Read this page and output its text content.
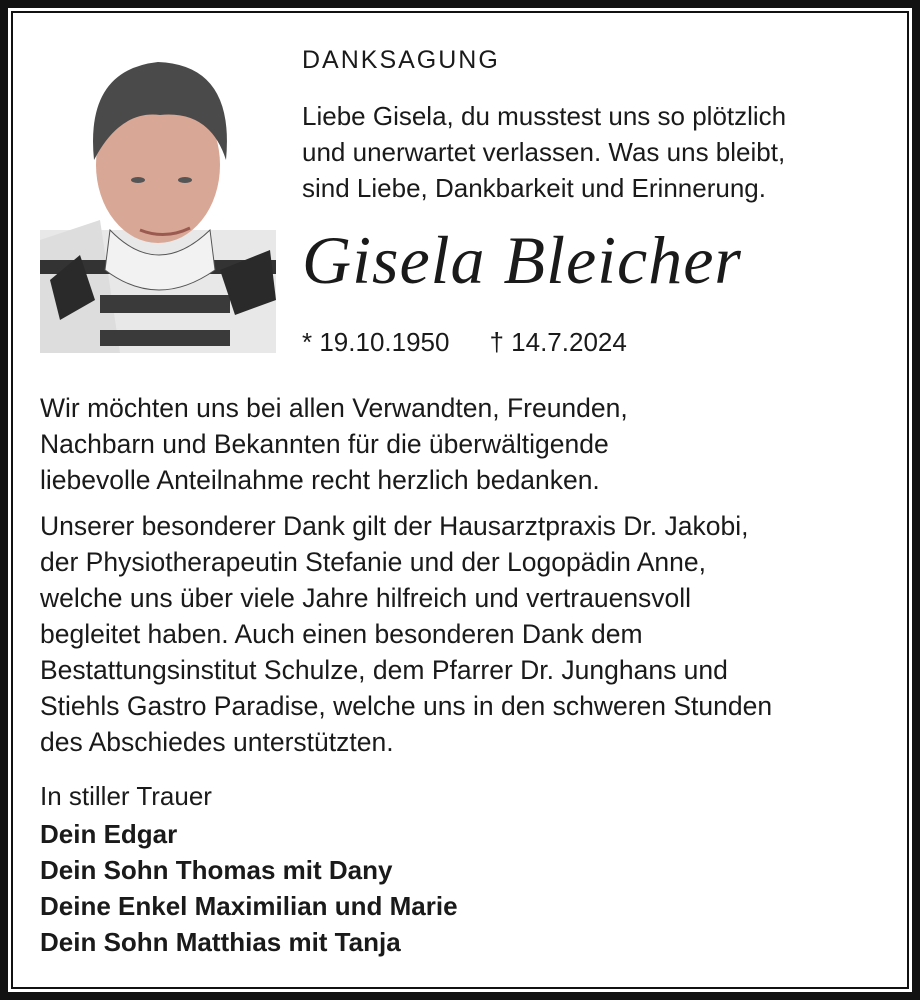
DANKSAGUNG
Liebe Gisela, du musstest uns so plötzlich
und unerwartet verlassen. Was uns bleibt,
sind Liebe, Dankbarkeit und Erinnerung.
Gisela Bleicher
* 19.10.1950 † 14.7.2024
Wir möchten uns bei allen Verwandten, Freunden,
Nachbarn und Bekannten für die überwältigende
liebevolle Anteilnahme recht herzlich bedanken.
Unserer besonderer Dank gilt der Hausarztpraxis Dr. Jakobi,
der Physiotherapeutin Stefanie und der Logopädin Anne,
welche uns über viele Jahre hilfreich und vertrauensvoll
begleitet haben. Auch einen besonderen Dank dem
Bestattungsinstitut Schulze, dem Pfarrer Dr. Junghans und
Stiehls Gastro Paradise, welche uns in den schweren Stunden
des Abschiedes unterstützten.
In stiller Trauer
Dein Edgar
Dein Sohn Thomas mit Dany
Deine Enkel Maximilian und Marie
Dein Sohn Matthias mit Tanja
